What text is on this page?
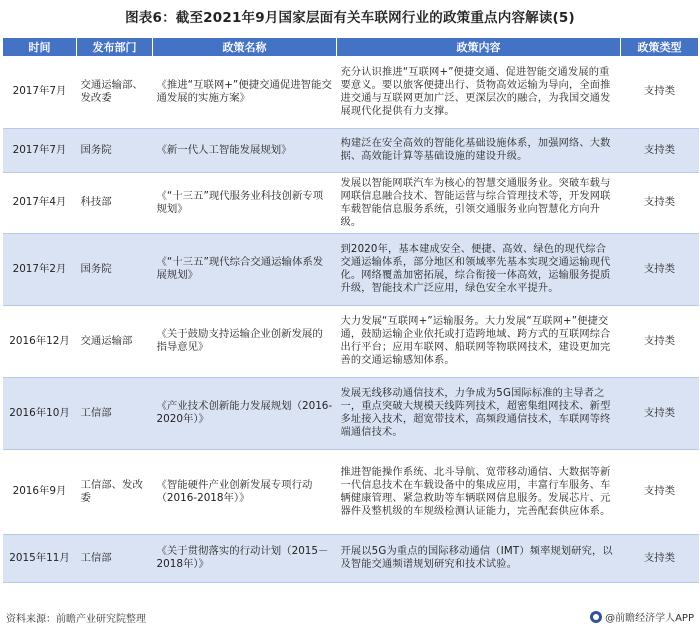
图表6：截至2021年9月国家层面有关车联网行业的政策重点内容解读(5)
时间	发布部门	政策名称	政策内容	政策类型
2017年7月	交通运输部、发改委	《推进“互联网+”便捷交通促进智能交通发展的实施方案》	充分认识推进“互联网+”便捷交通、促进智能交通发展的重要意义。要以旅客便捷出行、货物高效运输为导向，全面推进交通与互联网更加广泛、更深层次的融合，为我国交通发展现代化提供有力支撑。	支持类
2017年7月	国务院	《新一代人工智能发展规划》	构建泛在安全高效的智能化基础设施体系，加强网络、大数据、高效能计算等基础设施的建设升级。	支持类
2017年4月	科技部	《“十三五”现代服务业科技创新专项规划》	发展以智能网联汽车为核心的智慧交通服务业。突破车载与网联信息融合技术、智能运营与综合管理技术等，开发网联车载智能信息服务系统，引领交通服务业向智慧化方向升级。	支持类
2017年2月	国务院	《“十三五”现代综合交通运输体系发展规划》	到2020年，基本建成安全、便捷、高效、绿色的现代综合交通运输体系，部分地区和领域率先基本实现交通运输现代化。网络覆盖加密拓展，综合衔接一体高效，运输服务提质升级，智能技术广泛应用，绿色安全水平提升。	支持类
2016年12月	交通运输部	《关于鼓励支持运输企业创新发展的指导意见》	大力发展“互联网+”运输服务。大力发展“互联网+”便捷交通，鼓励运输企业依托或打造跨地域、跨方式的互联网综合出行平台；应用车联网、船联网等物联网技术，建设更加完善的交通运输感知体系。	支持类
2016年10月	工信部	《产业技术创新能力发展规划（2016-2020年）》	发展无线移动通信技术，力争成为5G国际标准的主导者之一，重点突破大规模天线阵列技术，超密集组网技术、新型多址接入技术，超宽带技术，高频段通信技术，车联网等终端通信技术。	支持类
2016年9月	工信部、发改委	《智能硬件产业创新发展专项行动（2016-2018年）》	推进智能操作系统、北斗导航、宽带移动通信、大数据等新一代信息技术在车载设备中的集成应用，丰富行车服务、车辆健康管理、紧急救助等车辆联网信息服务。发展芯片、元器件及整机级的车规级检测认证能力，完善配套供应体系。	支持类
2015年11月	工信部	《关于贯彻落实的行动计划（2015－2018年）》	开展以5G为重点的国际移动通信（IMT）频率规划研究，以及智能交通频谱规划研究和技术试验。	支持类
资料来源：前瞻产业研究院整理	@前瞻经济学人APP
